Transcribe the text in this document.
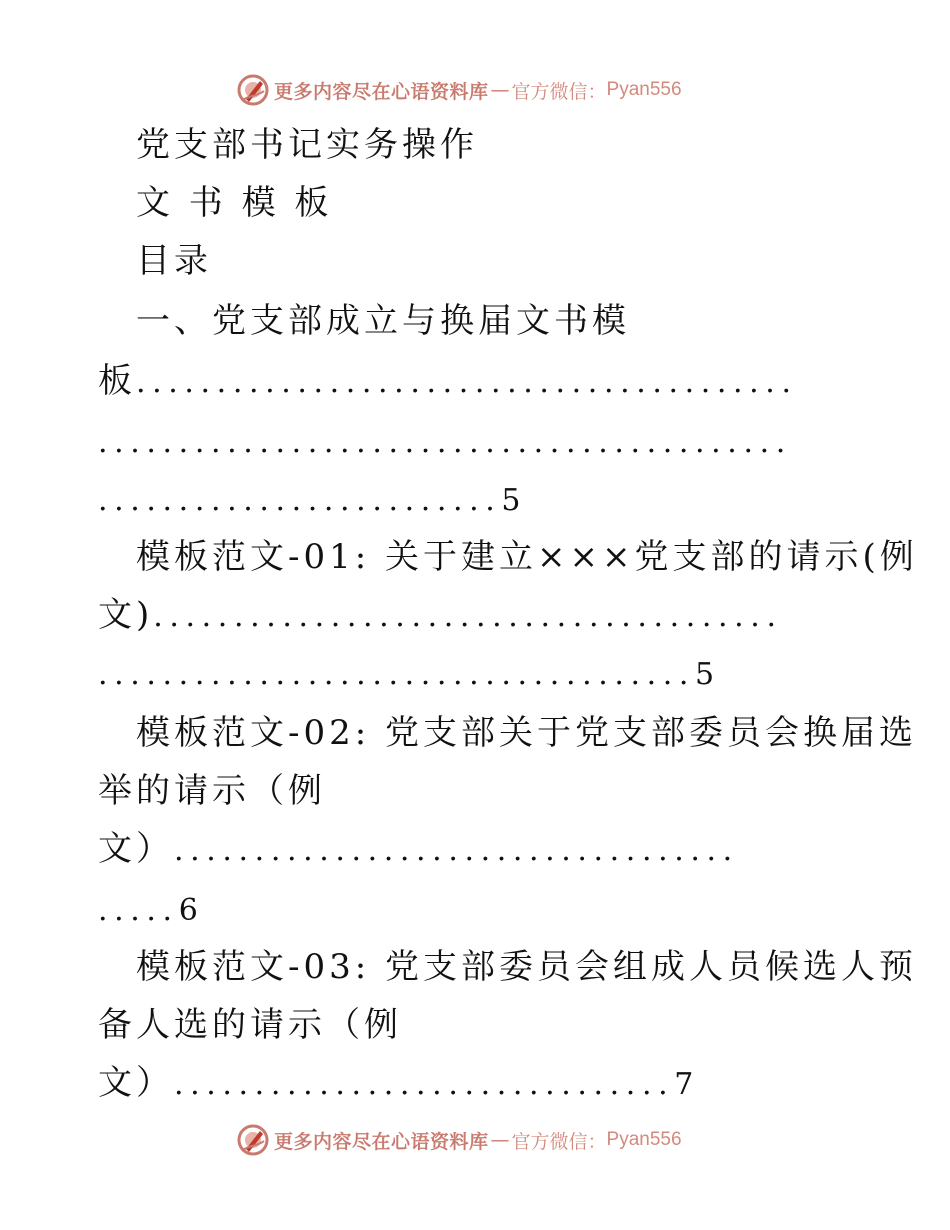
更多内容尽在心语资料库 — 官方微信： Pyan556
党支部书记实务操作
文 书 模 板
目录
一、党支部成立与换届文书模
板.........................................
...........................................
.........................5
模板范文-01: 关于建立×××党支部的请示(例
文).......................................
.....................................5
模板范文-02: 党支部关于党支部委员会换届选
举的请示（例
文）...................................
.....6
模板范文-03: 党支部委员会组成人员候选人预
备人选的请示（例
文）...............................7
更多内容尽在心语资料库 — 官方微信： Pyan556
